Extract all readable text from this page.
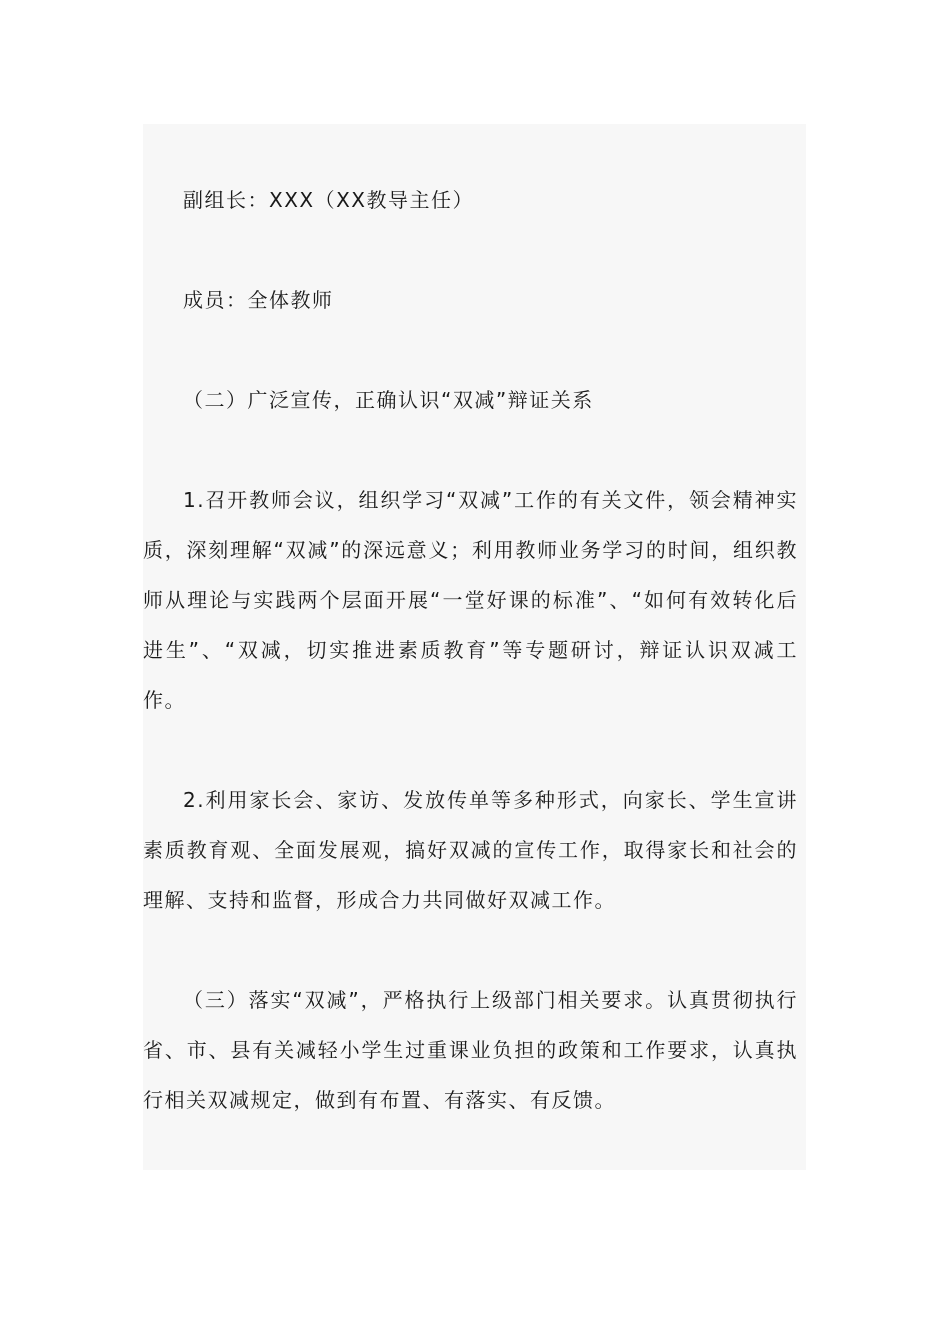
副组长：XXX（XX教导主任）

成员：全体教师

（二）广泛宣传，正确认识“双减”辩证关系

1.召开教师会议，组织学习“双减”工作的有关文件，领会精神实质，深刻理解“双减”的深远意义；利用教师业务学习的时间，组织教师从理论与实践两个层面开展“一堂好课的标准”、“如何有效转化后进生”、“双减，切实推进素质教育”等专题研讨，辩证认识双减工作。

2.利用家长会、家访、发放传单等多种形式，向家长、学生宣讲素质教育观、全面发展观，搞好双减的宣传工作，取得家长和社会的理解、支持和监督，形成合力共同做好双减工作。

（三）落实“双减”，严格执行上级部门相关要求。认真贯彻执行省、市、县有关减轻小学生过重课业负担的政策和工作要求，认真执行相关双减规定，做到有布置、有落实、有反馈。
